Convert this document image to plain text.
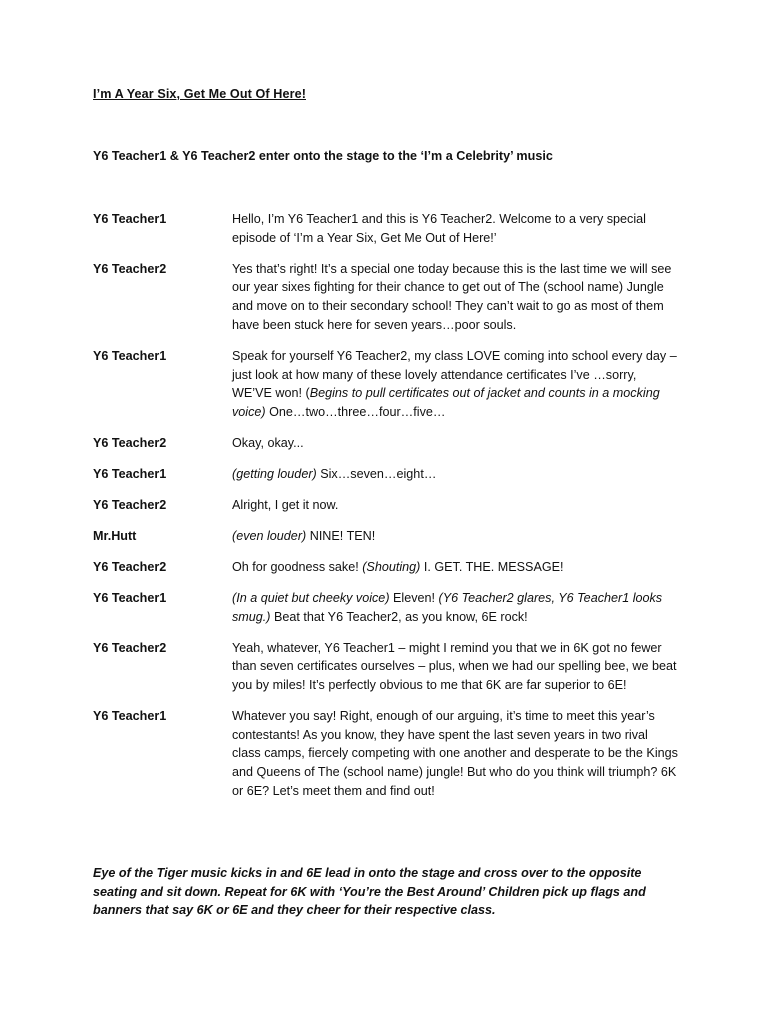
I’m A Year Six, Get Me Out Of Here!
Y6 Teacher1 & Y6 Teacher2 enter onto the stage to the ‘I’m a Celebrity’ music
Y6 Teacher1	Hello, I’m Y6 Teacher1 and this is Y6 Teacher2. Welcome to a very special episode of ‘I’m a Year Six, Get Me Out of Here!’
Y6 Teacher2	Yes that’s right! It’s a special one today because this is the last time we will see our year sixes fighting for their chance to get out of The (school name) Jungle and move on to their secondary school! They can’t wait to go as most of them have been stuck here for seven years…poor souls.
Y6 Teacher1	Speak for yourself Y6 Teacher2, my class LOVE coming into school every day – just look at how many of these lovely attendance certificates I’ve …sorry, WE’VE won! (Begins to pull certificates out of jacket and counts in a mocking voice) One…two…three…four…five…
Y6 Teacher2	Okay, okay...
Y6 Teacher1	(getting louder) Six…seven…eight…
Y6 Teacher2	Alright, I get it now.
Mr.Hutt	(even louder) NINE! TEN!
Y6 Teacher2	Oh for goodness sake! (Shouting) I. GET. THE. MESSAGE!
Y6 Teacher1	(In a quiet but cheeky voice) Eleven! (Y6 Teacher2 glares, Y6 Teacher1 looks smug.) Beat that Y6 Teacher2, as you know, 6E rock!
Y6 Teacher2	Yeah, whatever, Y6 Teacher1 – might I remind you that we in 6K got no fewer than seven certificates ourselves – plus, when we had our spelling bee, we beat you by miles! It’s perfectly obvious to me that 6K are far superior to 6E!
Y6 Teacher1	Whatever you say! Right, enough of our arguing, it’s time to meet this year’s contestants! As you know, they have spent the last seven years in two rival class camps, fiercely competing with one another and desperate to be the Kings and Queens of The (school name) jungle! But who do you think will triumph? 6K or 6E? Let’s meet them and find out!
Eye of the Tiger music kicks in and 6E lead in onto the stage and cross over to the opposite seating and sit down. Repeat for 6K with ‘You’re the Best Around’ Children pick up flags and banners that say 6K or 6E and they cheer for their respective class.
